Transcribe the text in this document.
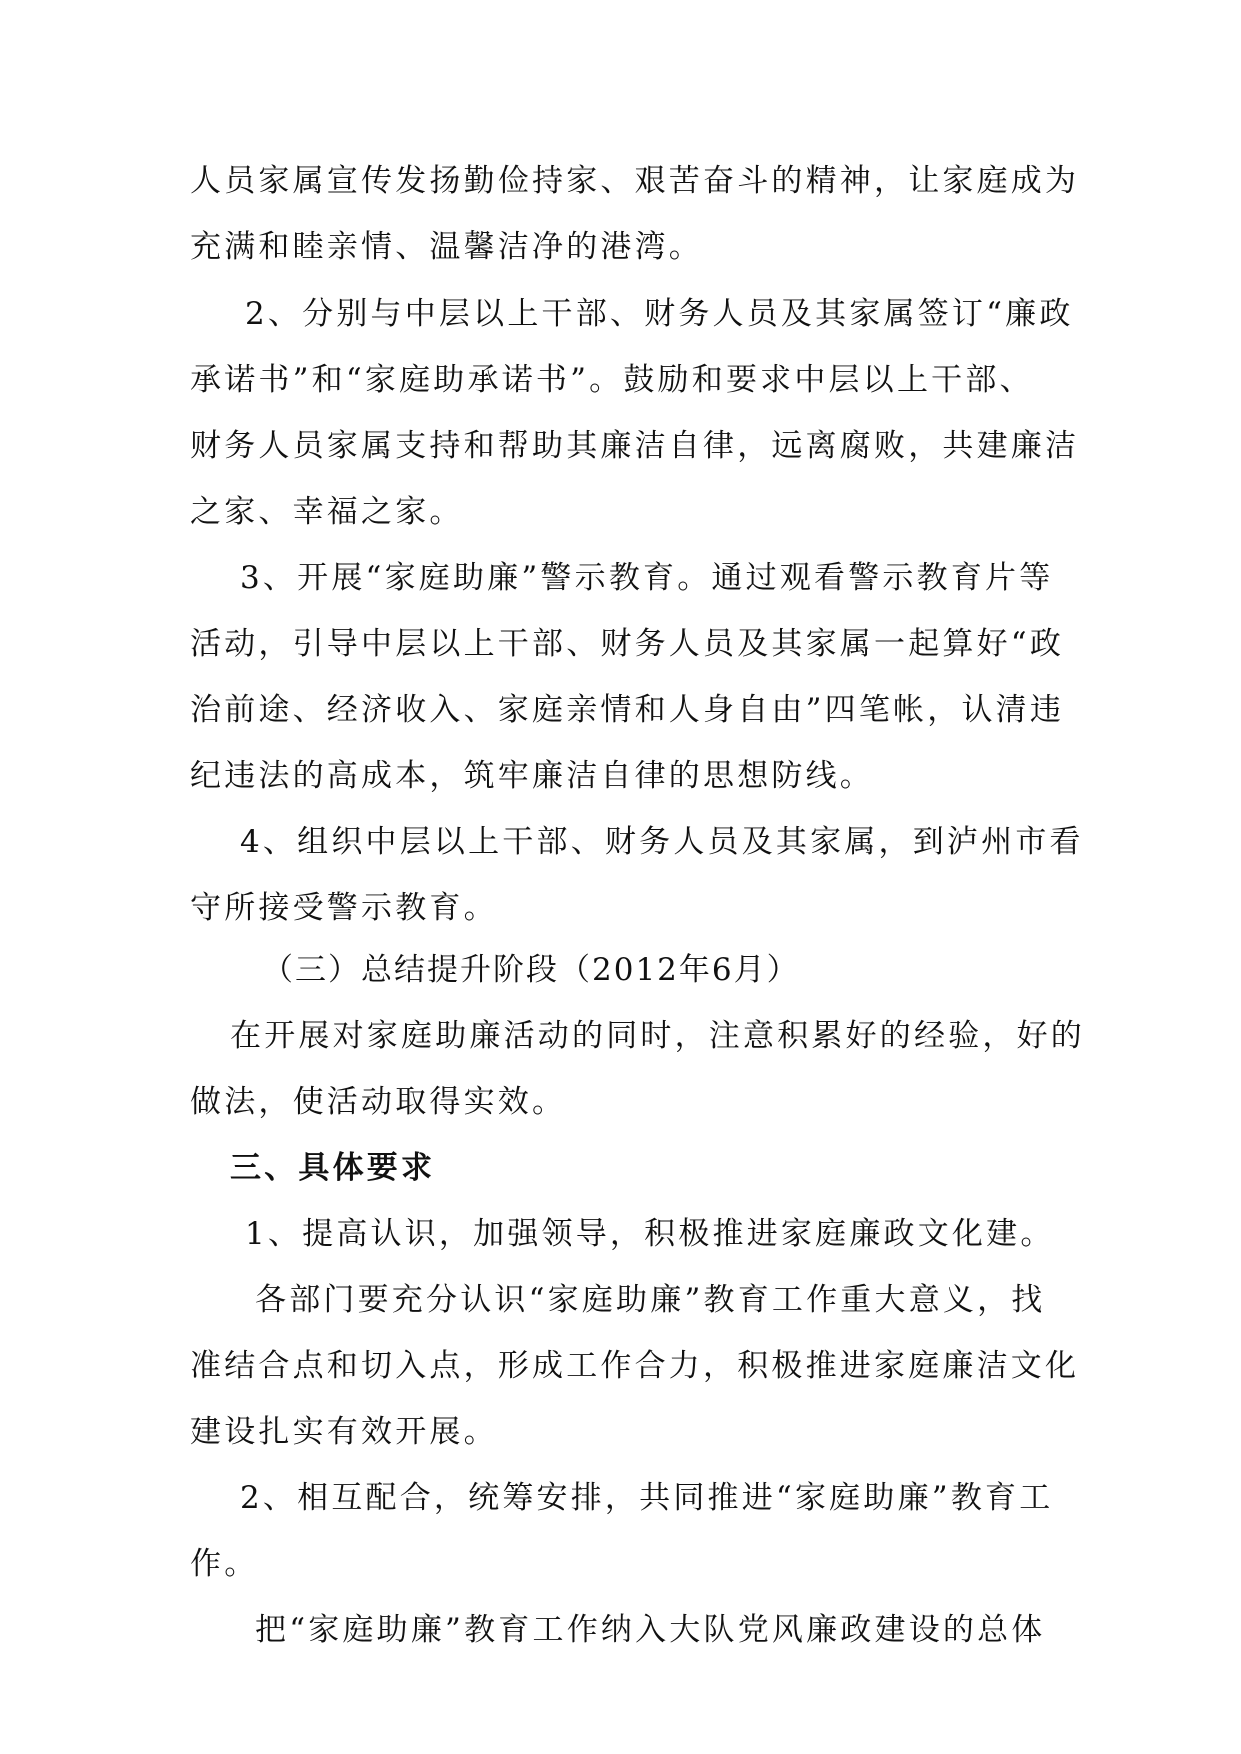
人员家属宣传发扬勤俭持家、艰苦奋斗的精神，让家庭成为
充满和睦亲情、温馨洁净的港湾。
2、分别与中层以上干部、财务人员及其家属签订“廉政
承诺书”和“家庭助承诺书”。鼓励和要求中层以上干部、
财务人员家属支持和帮助其廉洁自律，远离腐败，共建廉洁
之家、幸福之家。
3、开展“家庭助廉”警示教育。通过观看警示教育片等
活动，引导中层以上干部、财务人员及其家属一起算好“政
治前途、经济收入、家庭亲情和人身自由”四笔帐，认清违
纪违法的高成本，筑牢廉洁自律的思想防线。
4、组织中层以上干部、财务人员及其家属，到泸州市看
守所接受警示教育。
（三）总结提升阶段（2012年6月）
在开展对家庭助廉活动的同时，注意积累好的经验，好的
做法，使活动取得实效。
三、具体要求
1、提高认识，加强领导，积极推进家庭廉政文化建。
各部门要充分认识“家庭助廉”教育工作重大意义，找
准结合点和切入点，形成工作合力，积极推进家庭廉洁文化
建设扎实有效开展。
2、相互配合，统筹安排，共同推进“家庭助廉”教育工
作。
把“家庭助廉”教育工作纳入大队党风廉政建设的总体
